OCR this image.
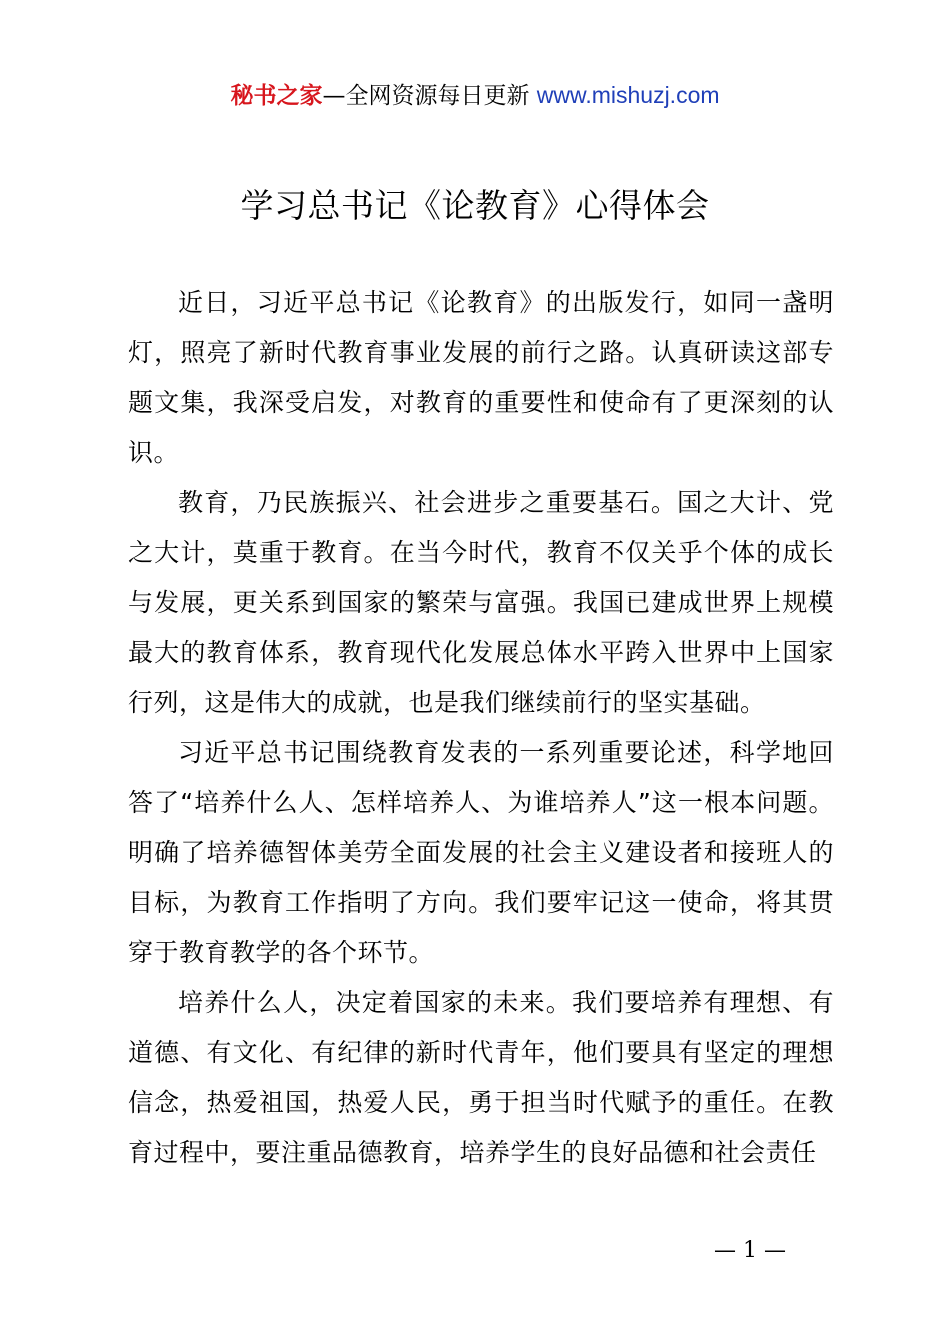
秘书之家—全网资源每日更新 www.mishuzj.com
学习总书记《论教育》心得体会

近日，习近平总书记《论教育》的出版发行，如同一盏明灯，照亮了新时代教育事业发展的前行之路。认真研读这部专题文集，我深受启发，对教育的重要性和使命有了更深刻的认识。

教育，乃民族振兴、社会进步之重要基石。国之大计、党之大计，莫重于教育。在当今时代，教育不仅关乎个体的成长与发展，更关系到国家的繁荣与富强。我国已建成世界上规模最大的教育体系，教育现代化发展总体水平跨入世界中上国家行列，这是伟大的成就，也是我们继续前行的坚实基础。

习近平总书记围绕教育发表的一系列重要论述，科学地回答了“培养什么人、怎样培养人、为谁培养人”这一根本问题。明确了培养德智体美劳全面发展的社会主义建设者和接班人的目标，为教育工作指明了方向。我们要牢记这一使命，将其贯穿于教育教学的各个环节。

培养什么人，决定着国家的未来。我们要培养有理想、有道德、有文化、有纪律的新时代青年，他们要具有坚定的理想信念，热爱祖国，热爱人民，勇于担当时代赋予的重任。在教育过程中，要注重品德教育，培养学生的良好品德和社会责任

— 1 —
